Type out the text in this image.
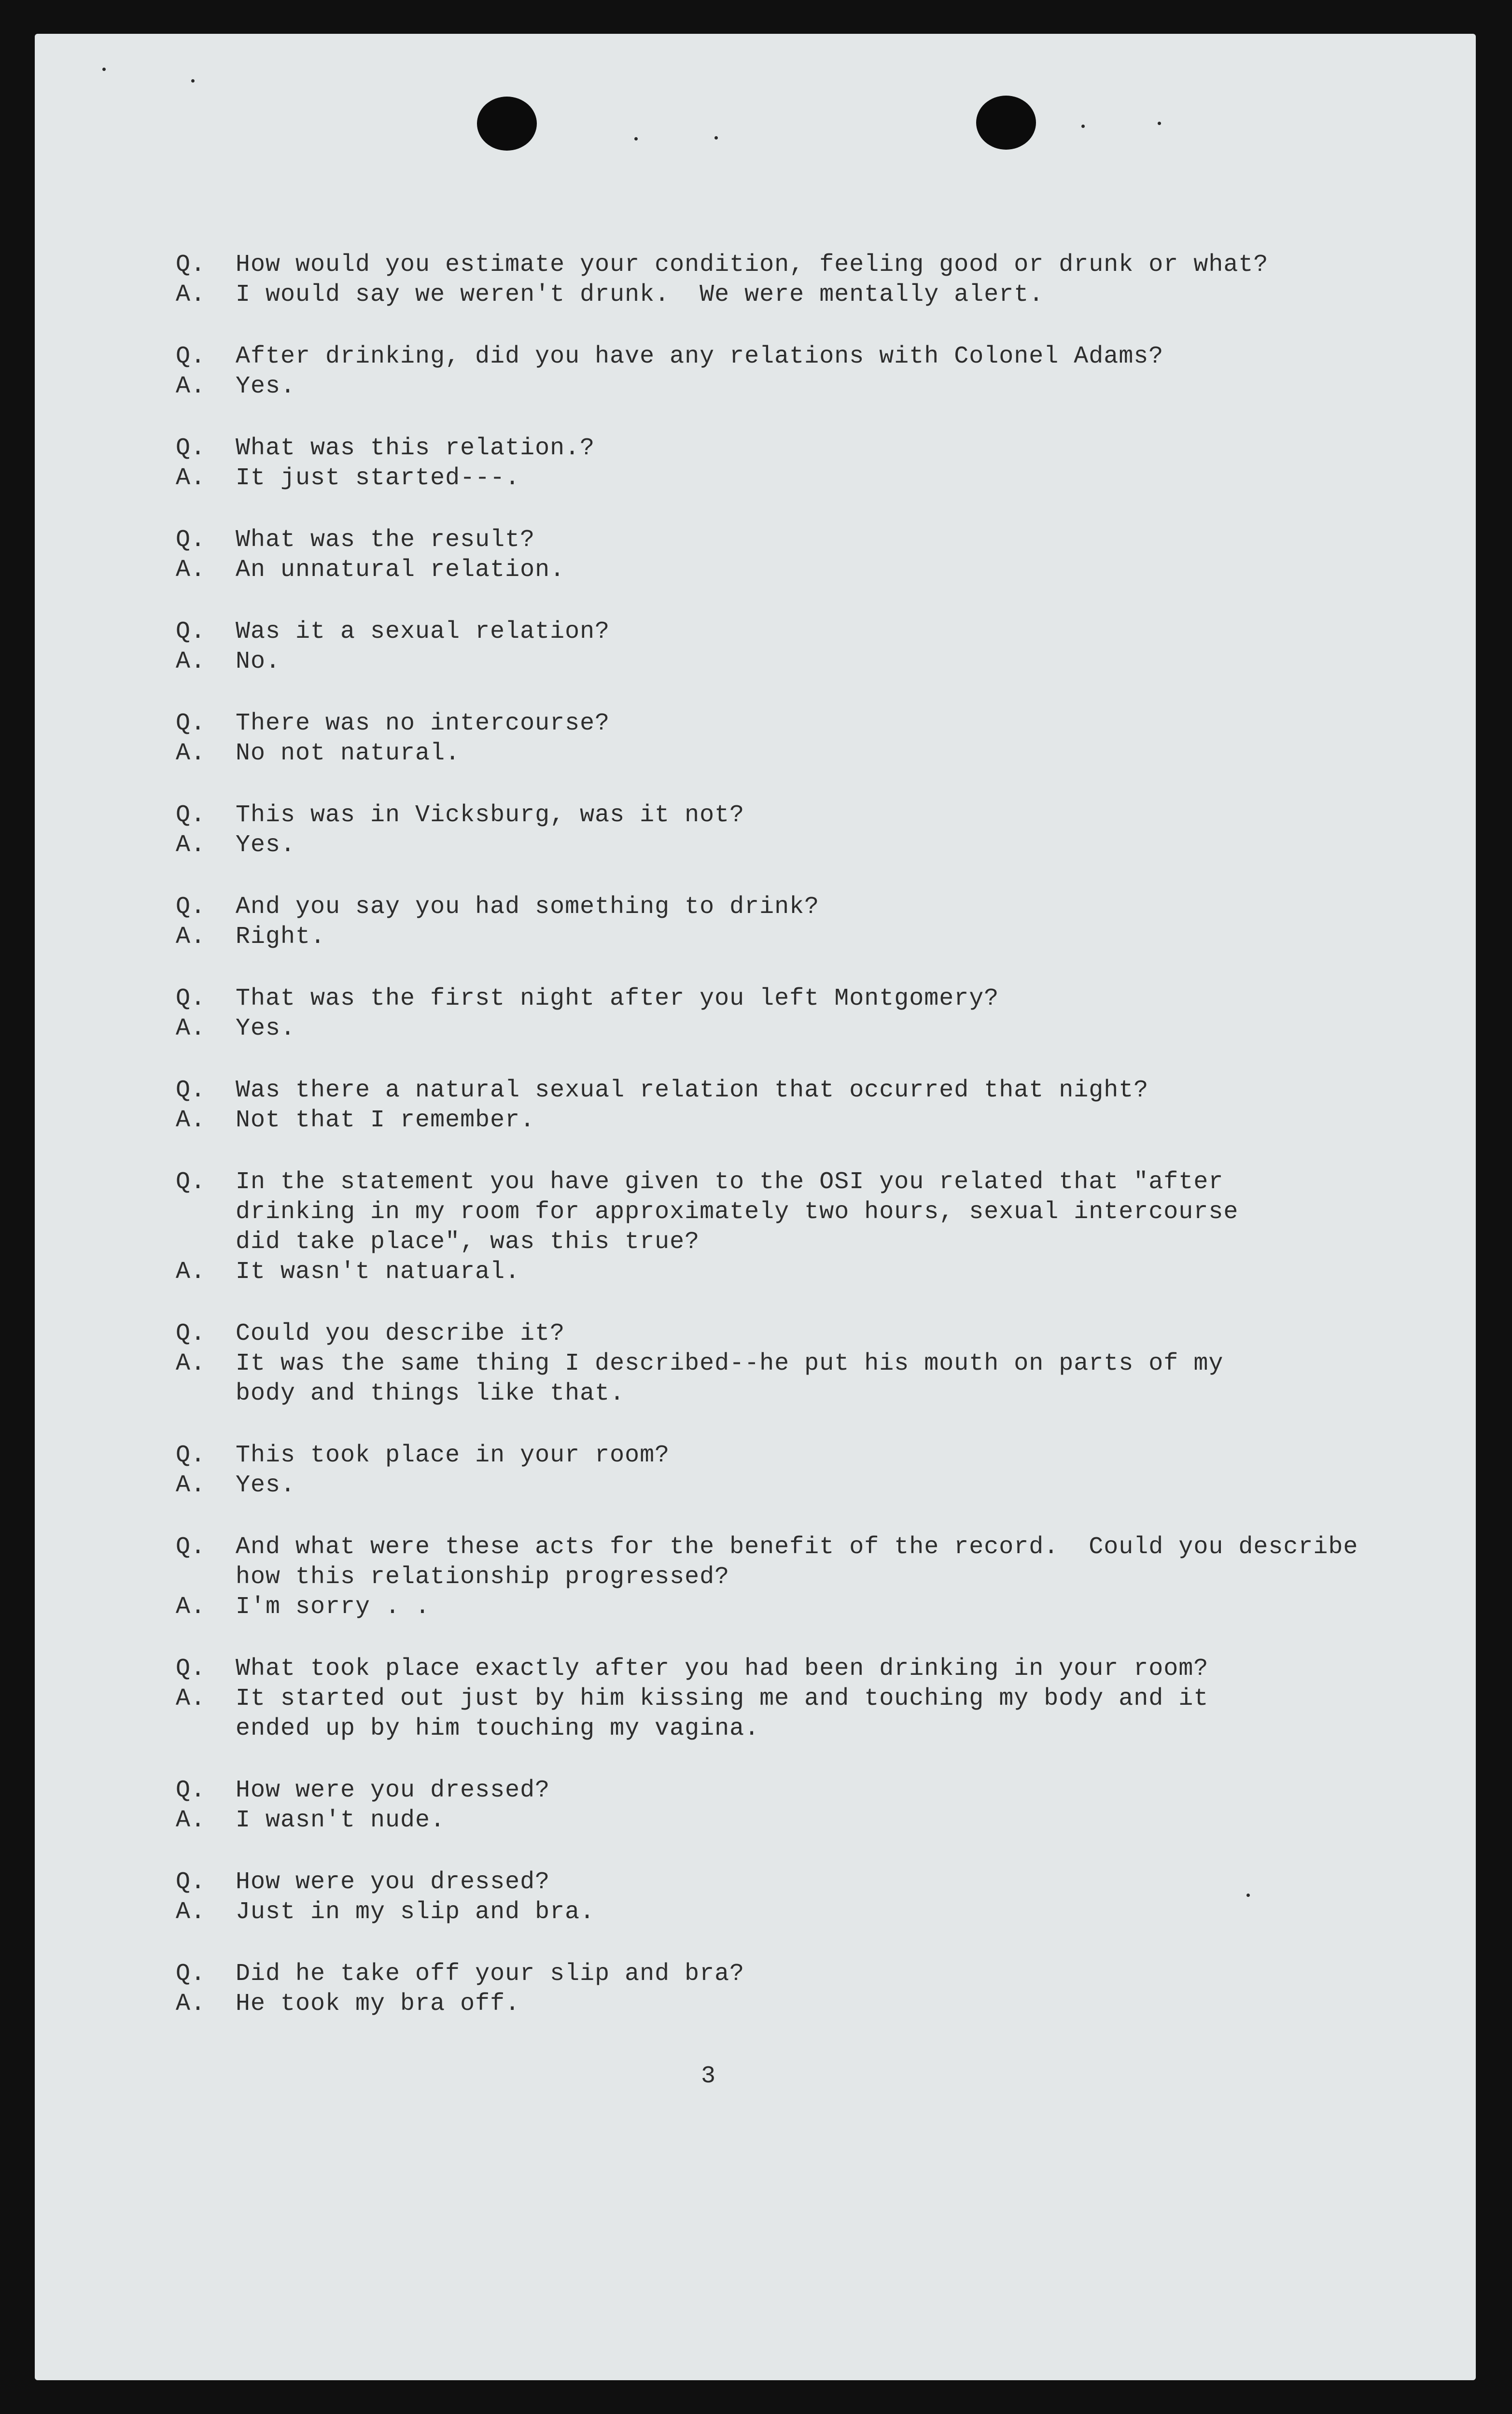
Q.	How would you estimate your condition, feeling good or drunk or what?
A.	I would say we weren't drunk.  We were mentally alert.
Q.	After drinking, did you have any relations with Colonel Adams?
A.	Yes.
Q.	What was this relation.?
A.	It just started---.
Q.	What was the result?
A.	An unnatural relation.
Q.	Was it a sexual relation?
A.	No.
Q.	There was no intercourse?
A.	No not natural.
Q.	This was in Vicksburg, was it not?
A.	Yes.
Q.	And you say you had something to drink?
A.	Right.
Q.	That was the first night after you left Montgomery?
A.	Yes.
Q.	Was there a natural sexual relation that occurred that night?
A.	Not that I remember.
Q.	In the statement you have given to the OSI you related that "after
drinking in my room for approximately two hours, sexual intercourse
did take place", was this true?
A.	It wasn't natuaral.
Q.	Could you describe it?
A.	It was the same thing I described--he put his mouth on parts of my
body and things like that.
Q.	This took place in your room?
A.	Yes.
Q.	And what were these acts for the benefit of the record.  Could you describe
how this relationship progressed?
A.	I'm sorry . .
Q.	What took place exactly after you had been drinking in your room?
A.	It started out just by him kissing me and touching my body and it
ended up by him touching my vagina.
Q.	How were you dressed?
A.	I wasn't nude.
Q.	How were you dressed?
A.	Just in my slip and bra.
Q.	Did he take off your slip and bra?
A.	He took my bra off.
3
